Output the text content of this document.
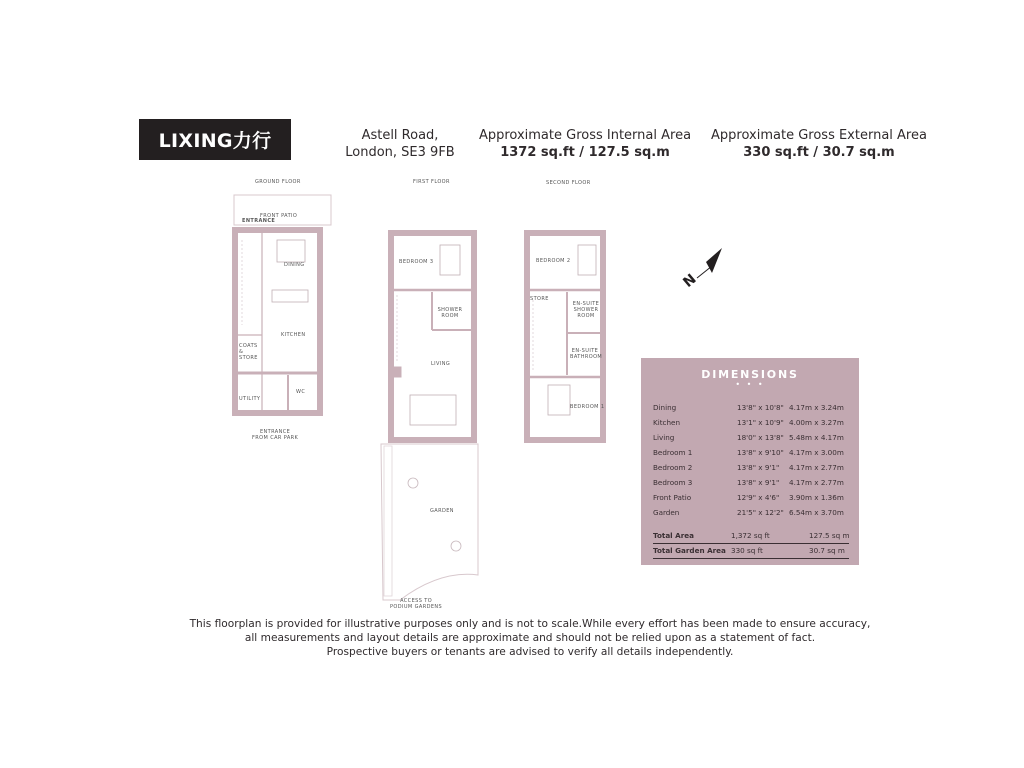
LIXING力行	Astell Road,
London, SE3 9FB
Approximate Gross Internal Area
1372 sq.ft / 127.5 sq.m
Approximate Gross External Area
330 sq.ft / 30.7 sq.m
GROUND FLOOR	FIRST FLOOR	SECOND FLOOR
FRONT PATIO
ENTRANCE
DINING
KITCHEN
COATS & STORE
UTILITY
WC
ENTRANCE
FROM CAR PARK
BEDROOM 3
SHOWER ROOM
LIVING
GARDEN
ACCESS TO
PODIUM GARDENS
BEDROOM 2
STORE
EN-SUITE SHOWER ROOM
EN-SUITE BATHROOM
BEDROOM 1
N
DIMENSIONS
• • •
Dining	13'8" x 10'8" 4.17m x 3.24m
Kitchen	13'1" x 10'9" 4.00m x 3.27m
Living	18'0" x 13'8" 5.48m x 4.17m
Bedroom 1	13'8" x 9'10" 4.17m x 3.00m
Bedroom 2	13'8" x 9'1" 4.17m x 2.77m
Bedroom 3	13'8" x 9'1" 4.17m x 2.77m
Front Patio	12'9" x 4'6" 3.90m x 1.36m
Garden	21'5" x 12'2" 6.54m x 3.70m
Total Area	1,372 sq ft	127.5 sq m
Total Garden Area 330 sq ft	30.7 sq m
This floorplan is provided for illustrative purposes only and is not to scale.While every effort has been made to ensure accuracy,
all measurements and layout details are approximate and should not be relied upon as a statement of fact.
Prospective buyers or tenants are advised to verify all details independently.
